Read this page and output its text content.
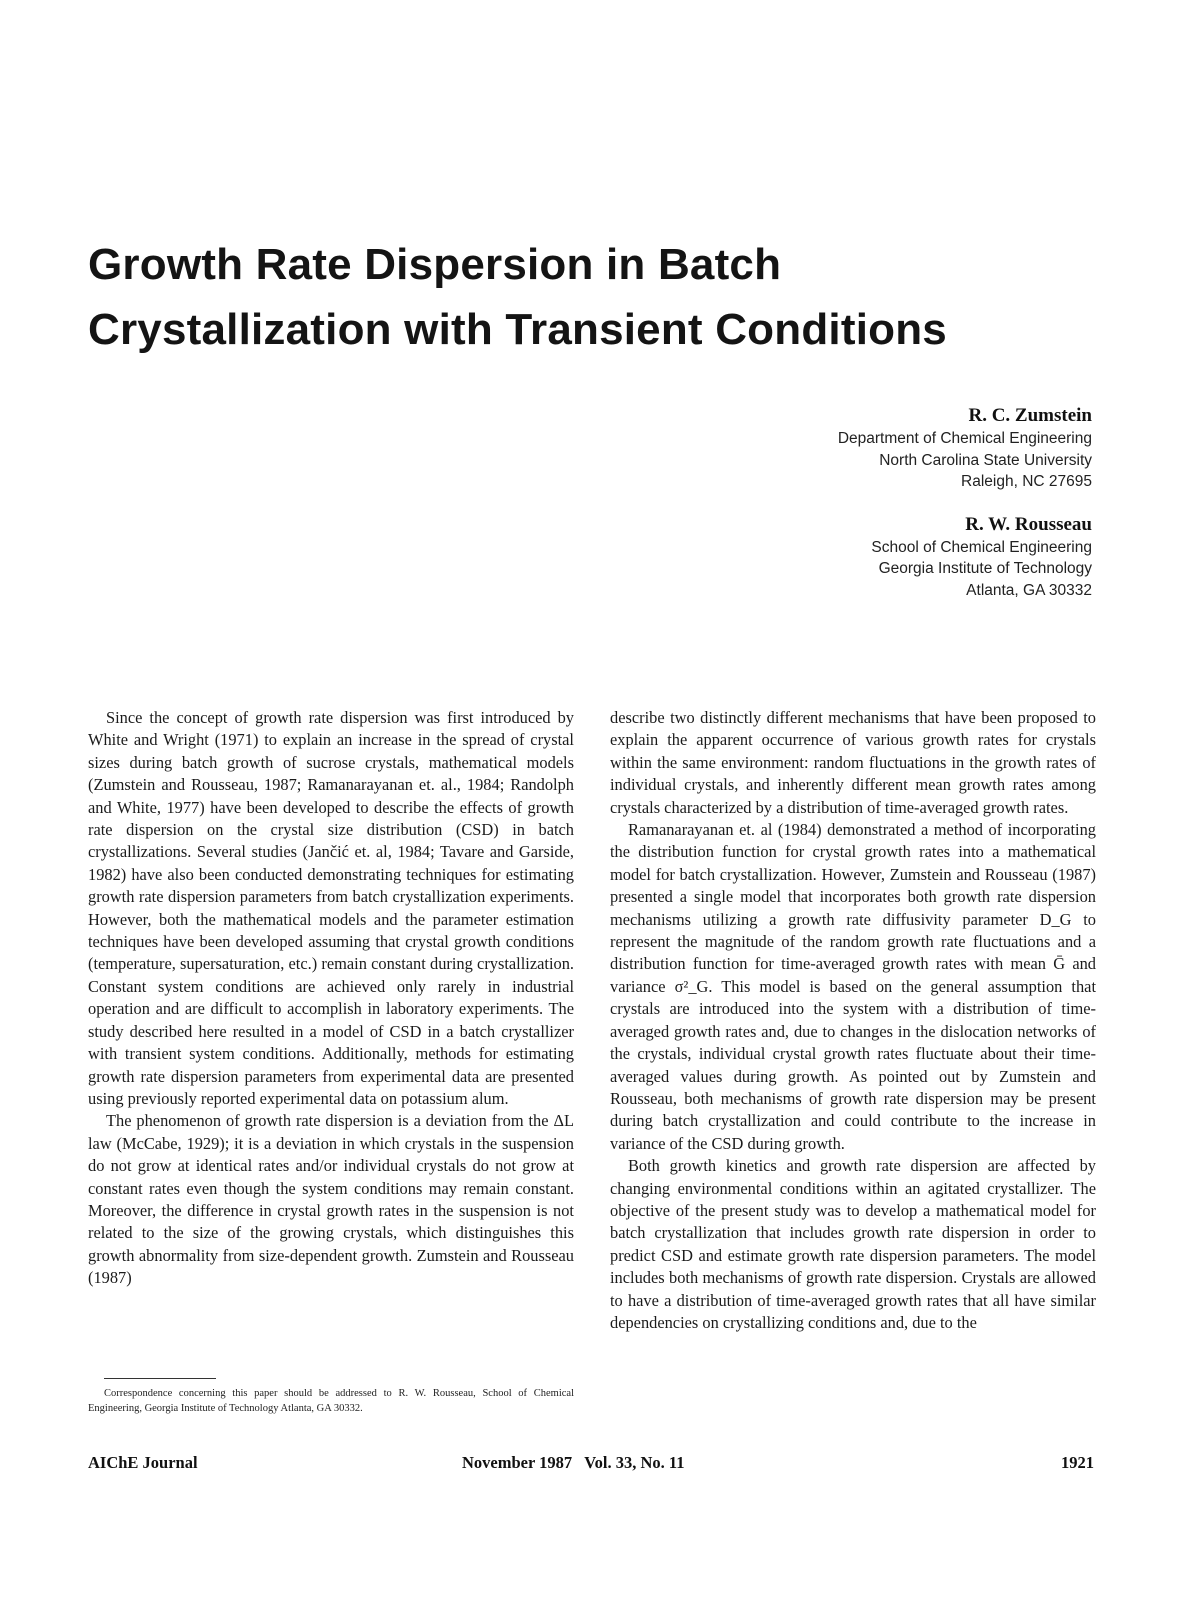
Growth Rate Dispersion in Batch
Crystallization with Transient Conditions
R. C. Zumstein
Department of Chemical Engineering
North Carolina State University
Raleigh, NC 27695
R. W. Rousseau
School of Chemical Engineering
Georgia Institute of Technology
Atlanta, GA 30332

Since the concept of growth rate dispersion was first introduced by White and Wright (1971) to explain an increase in the spread of crystal sizes during batch growth of sucrose crystals, mathematical models (Zumstein and Rousseau, 1987; Ramanarayanan et. al., 1984; Randolph and White, 1977) have been developed to describe the effects of growth rate dispersion on the crystal size distribution (CSD) in batch crystallizations. Several studies (Jančić et. al, 1984; Tavare and Garside, 1982) have also been conducted demonstrating techniques for estimating growth rate dispersion parameters from batch crystallization experiments. However, both the mathematical models and the parameter estimation techniques have been developed assuming that crystal growth conditions (temperature, supersaturation, etc.) remain constant during crystallization. Constant system conditions are achieved only rarely in industrial operation and are difficult to accomplish in laboratory experiments. The study described here resulted in a model of CSD in a batch crystallizer with transient system conditions. Additionally, methods for estimating growth rate dispersion parameters from experimental data are presented using previously reported experimental data on potassium alum.

The phenomenon of growth rate dispersion is a deviation from the ΔL law (McCabe, 1929); it is a deviation in which crystals in the suspension do not grow at identical rates and/or individual crystals do not grow at constant rates even though the system conditions may remain constant. Moreover, the difference in crystal growth rates in the suspension is not related to the size of the growing crystals, which distinguishes this growth abnormality from size-dependent growth. Zumstein and Rousseau (1987)

describe two distinctly different mechanisms that have been proposed to explain the apparent occurrence of various growth rates for crystals within the same environment: random fluctuations in the growth rates of individual crystals, and inherently different mean growth rates among crystals characterized by a distribution of time-averaged growth rates.

Ramanarayanan et. al (1984) demonstrated a method of incorporating the distribution function for crystal growth rates into a mathematical model for batch crystallization. However, Zumstein and Rousseau (1987) presented a single model that incorporates both growth rate dispersion mechanisms utilizing a growth rate diffusivity parameter D_G to represent the magnitude of the random growth rate fluctuations and a distribution function for time-averaged growth rates with mean Ḡ and variance σ²_G. This model is based on the general assumption that crystals are introduced into the system with a distribution of time-averaged growth rates and, due to changes in the dislocation networks of the crystals, individual crystal growth rates fluctuate about their time-averaged values during growth. As pointed out by Zumstein and Rousseau, both mechanisms of growth rate dispersion may be present during batch crystallization and could contribute to the increase in variance of the CSD during growth.

Both growth kinetics and growth rate dispersion are affected by changing environmental conditions within an agitated crystallizer. The objective of the present study was to develop a mathematical model for batch crystallization that includes growth rate dispersion in order to predict CSD and estimate growth rate dispersion parameters. The model includes both mechanisms of growth rate dispersion. Crystals are allowed to have a distribution of time-averaged growth rates that all have similar dependencies on crystallizing conditions and, due to the

Correspondence concerning this paper should be addressed to R. W. Rousseau, School of Chemical Engineering, Georgia Institute of Technology Atlanta, GA 30332.
AIChE Journal	November 1987   Vol. 33, No. 11	1921
